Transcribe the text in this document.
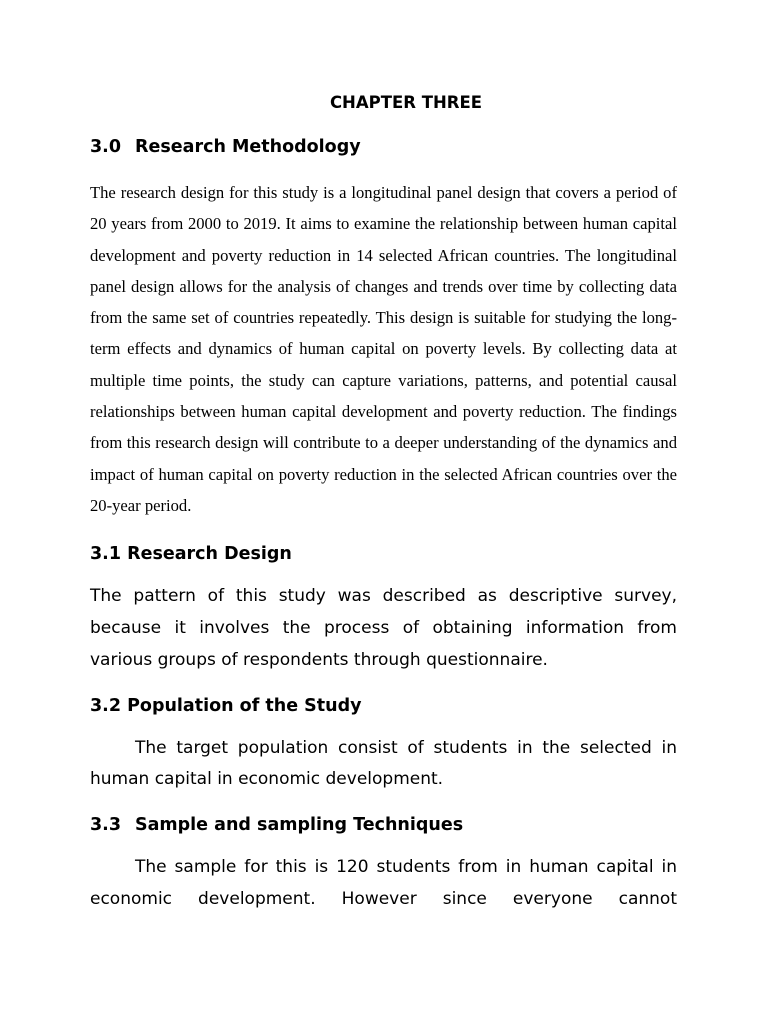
CHAPTER THREE
3.0 Research Methodology

The research design for this study is a longitudinal panel design that covers a period of 20 years from 2000 to 2019. It aims to examine the relationship between human capital development and poverty reduction in 14 selected African countries. The longitudinal panel design allows for the analysis of changes and trends over time by collecting data from the same set of countries repeatedly. This design is suitable for studying the long-term effects and dynamics of human capital on poverty levels. By collecting data at multiple time points, the study can capture variations, patterns, and potential causal relationships between human capital development and poverty reduction. The findings from this research design will contribute to a deeper understanding of the dynamics and impact of human capital on poverty reduction in the selected African countries over the 20-year period.

3.1 Research Design

The pattern of this study was described as descriptive survey, because it involves the process of obtaining information from various groups of respondents through questionnaire.

3.2 Population of the Study

The target population consist of students in the selected in human capital in economic development.

3.3 Sample and sampling Techniques

The sample for this is 120 students from in human capital in economic development. However since everyone cannot
